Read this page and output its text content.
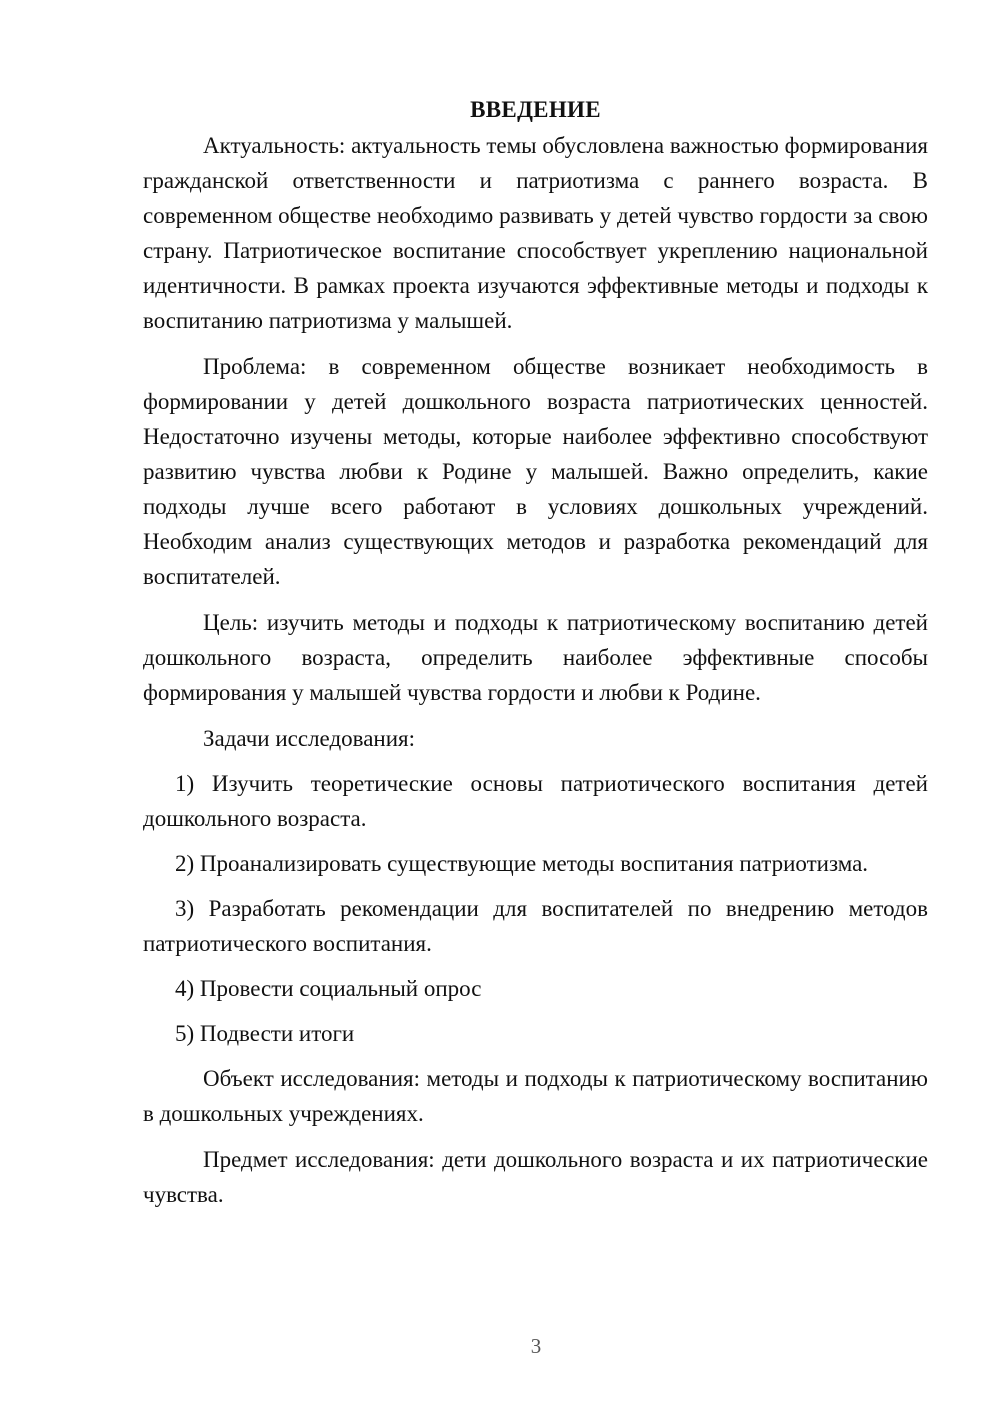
ВВЕДЕНИЕ

Актуальность: актуальность темы обусловлена важностью формирования гражданской ответственности и патриотизма с раннего возраста. В современном обществе необходимо развивать у детей чувство гордости за свою страну. Патриотическое воспитание способствует укреплению национальной идентичности. В рамках проекта изучаются эффективные методы и подходы к воспитанию патриотизма у малышей.

Проблема: в современном обществе возникает необходимость в формировании у детей дошкольного возраста патриотических ценностей. Недостаточно изучены методы, которые наиболее эффективно способствуют развитию чувства любви к Родине у малышей. Важно определить, какие подходы лучше всего работают в условиях дошкольных учреждений. Необходим анализ существующих методов и разработка рекомендаций для воспитателей.

Цель: изучить методы и подходы к патриотическому воспитанию детей дошкольного возраста, определить наиболее эффективные способы формирования у малышей чувства гордости и любви к Родине.

Задачи исследования:

1) Изучить теоретические основы патриотического воспитания детей дошкольного возраста.

2) Проанализировать существующие методы воспитания патриотизма.

3) Разработать рекомендации для воспитателей по внедрению методов патриотического воспитания.

4) Провести социальный опрос

5) Подвести итоги

Объект исследования: методы и подходы к патриотическому воспитанию в дошкольных учреждениях.

Предмет исследования: дети дошкольного возраста и их патриотические чувства.

3
